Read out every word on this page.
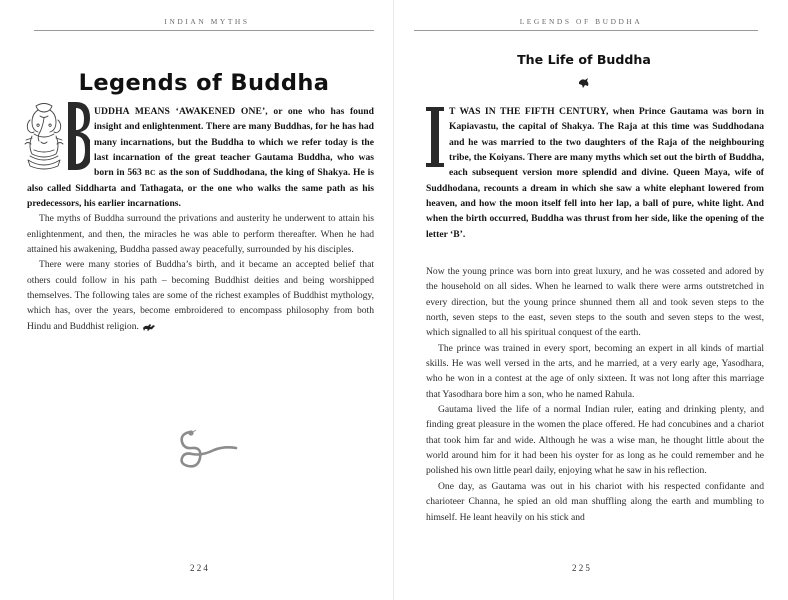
INDIAN MYTHS
Legends of Buddha

UDDHA MEANS ‘AWAKENED ONE’, or one who has found insight and enlightenment. There are many Buddhas, for he has had many incarnations, but the Buddha to which we refer today is the last incarnation of the great teacher Gautama Buddha, who was born in 563 BC as the son of Suddhodana, the king of Shakya. He is also called Siddharta and Tathagata, or the one who walks the same path as his predecessors, his earlier incarnations.

The myths of Buddha surround the privations and austerity he underwent to attain his enlightenment, and then, the miracles he was able to perform thereafter. When he had attained his awakening, Buddha passed away peacefully, surrounded by his disciples.

There were many stories of Buddha’s birth, and it became an accepted belief that others could follow in his path – becoming Buddhist deities and being worshipped themselves. The following tales are some of the richest examples of Buddhist mythology, which has, over the years, become embroidered to encompass philosophy from both Hindu and Buddhist religion.

224
LEGENDS OF BUDDHA
The Life of Buddha

T WAS IN THE FIFTH CENTURY, when Prince Gautama was born in Kapiavastu, the capital of Shakya. The Raja at this time was Suddhodana and he was married to the two daughters of the Raja of the neighbouring tribe, the Koiyans. There are many myths which set out the birth of Buddha, each subsequent version more splendid and divine. Queen Maya, wife of Suddhodana, recounts a dream in which she saw a white elephant lowered from heaven, and how the moon itself fell into her lap, a ball of pure, white light. And when the birth occurred, Buddha was thrust from her side, like the opening of the letter ‘B’.

Now the young prince was born into great luxury, and he was cosseted and adored by the household on all sides. When he learned to walk there were arms outstretched in every direction, but the young prince shunned them all and took seven steps to the north, seven steps to the east, seven steps to the south and seven steps to the west, which signalled to all his spiritual conquest of the earth.

The prince was trained in every sport, becoming an expert in all kinds of martial skills. He was well versed in the arts, and he married, at a very early age, Yasodhara, who he won in a contest at the age of only sixteen. It was not long after this marriage that Yasodhara bore him a son, who he named Rahula.

Gautama lived the life of a normal Indian ruler, eating and drinking plenty, and finding great pleasure in the women the place offered. He had concubines and a chariot that took him far and wide. Although he was a wise man, he thought little about the world around him for it had been his oyster for as long as he could remember and he polished his own little pearl daily, enjoying what he saw in his reflection.

One day, as Gautama was out in his chariot with his respected confidante and charioteer Channa, he spied an old man shuffling along the earth and mumbling to himself. He leant heavily on his stick and

225
